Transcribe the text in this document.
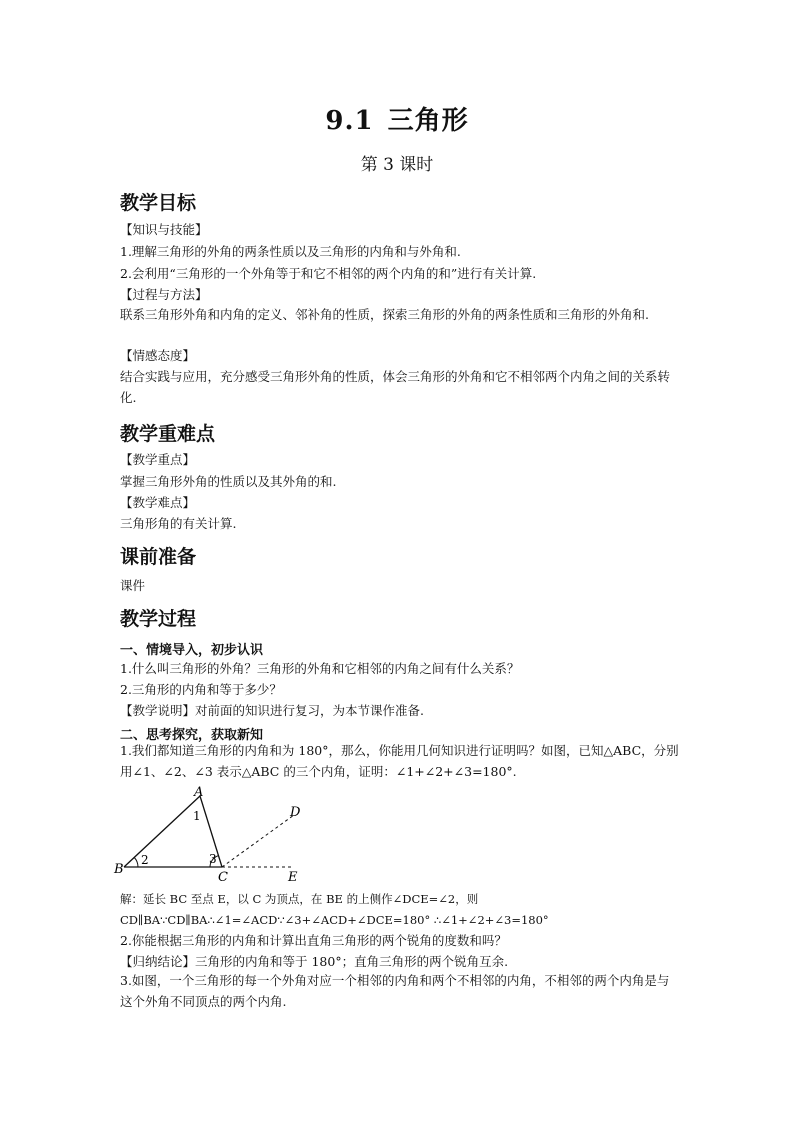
9.1 三角形
第 3 课时
教学目标
【知识与技能】
1.理解三角形的外角的两条性质以及三角形的内角和与外角和.
2.会利用“三角形的一个外角等于和它不相邻的两个内角的和”进行有关计算.
【过程与方法】
联系三角形外角和内角的定义、邻补角的性质，探索三角形的外角的两条性质和三角形的外角和.
【情感态度】
结合实践与应用，充分感受三角形外角的性质，体会三角形的外角和它不相邻两个内角之间的关系转化.
教学重难点
【教学重点】
掌握三角形外角的性质以及其外角的和.
【教学难点】
三角形角的有关计算.
课前准备
课件
教学过程
一、情境导入，初步认识
1.什么叫三角形的外角？三角形的外角和它相邻的内角之间有什么关系？
2.三角形的内角和等于多少？
【教学说明】对前面的知识进行复习，为本节课作准备.
二、思考探究，获取新知
1.我们都知道三角形的内角和为 180°，那么，你能用几何知识进行证明吗？如图，已知△ABC，分别用∠1、∠2、∠3 表示△ABC 的三个内角，证明：∠1+∠2+∠3=180°.
A
B
C
D
E
1
2	3
解：延长 BC 至点 E，以 C 为顶点，在 BE 的上侧作∠DCE=∠2，则 CD∥BA∵CD∥BA∴∠1=∠ACD∵∠3+∠ACD+∠DCE=180° ∴∠1+∠2+∠3=180°
2.你能根据三角形的内角和计算出直角三角形的两个锐角的度数和吗？
【归纳结论】三角形的内角和等于 180°；直角三角形的两个锐角互余.
3.如图，一个三角形的每一个外角对应一个相邻的内角和两个不相邻的内角，不相邻的两个内角是与这个外角不同顶点的两个内角.
